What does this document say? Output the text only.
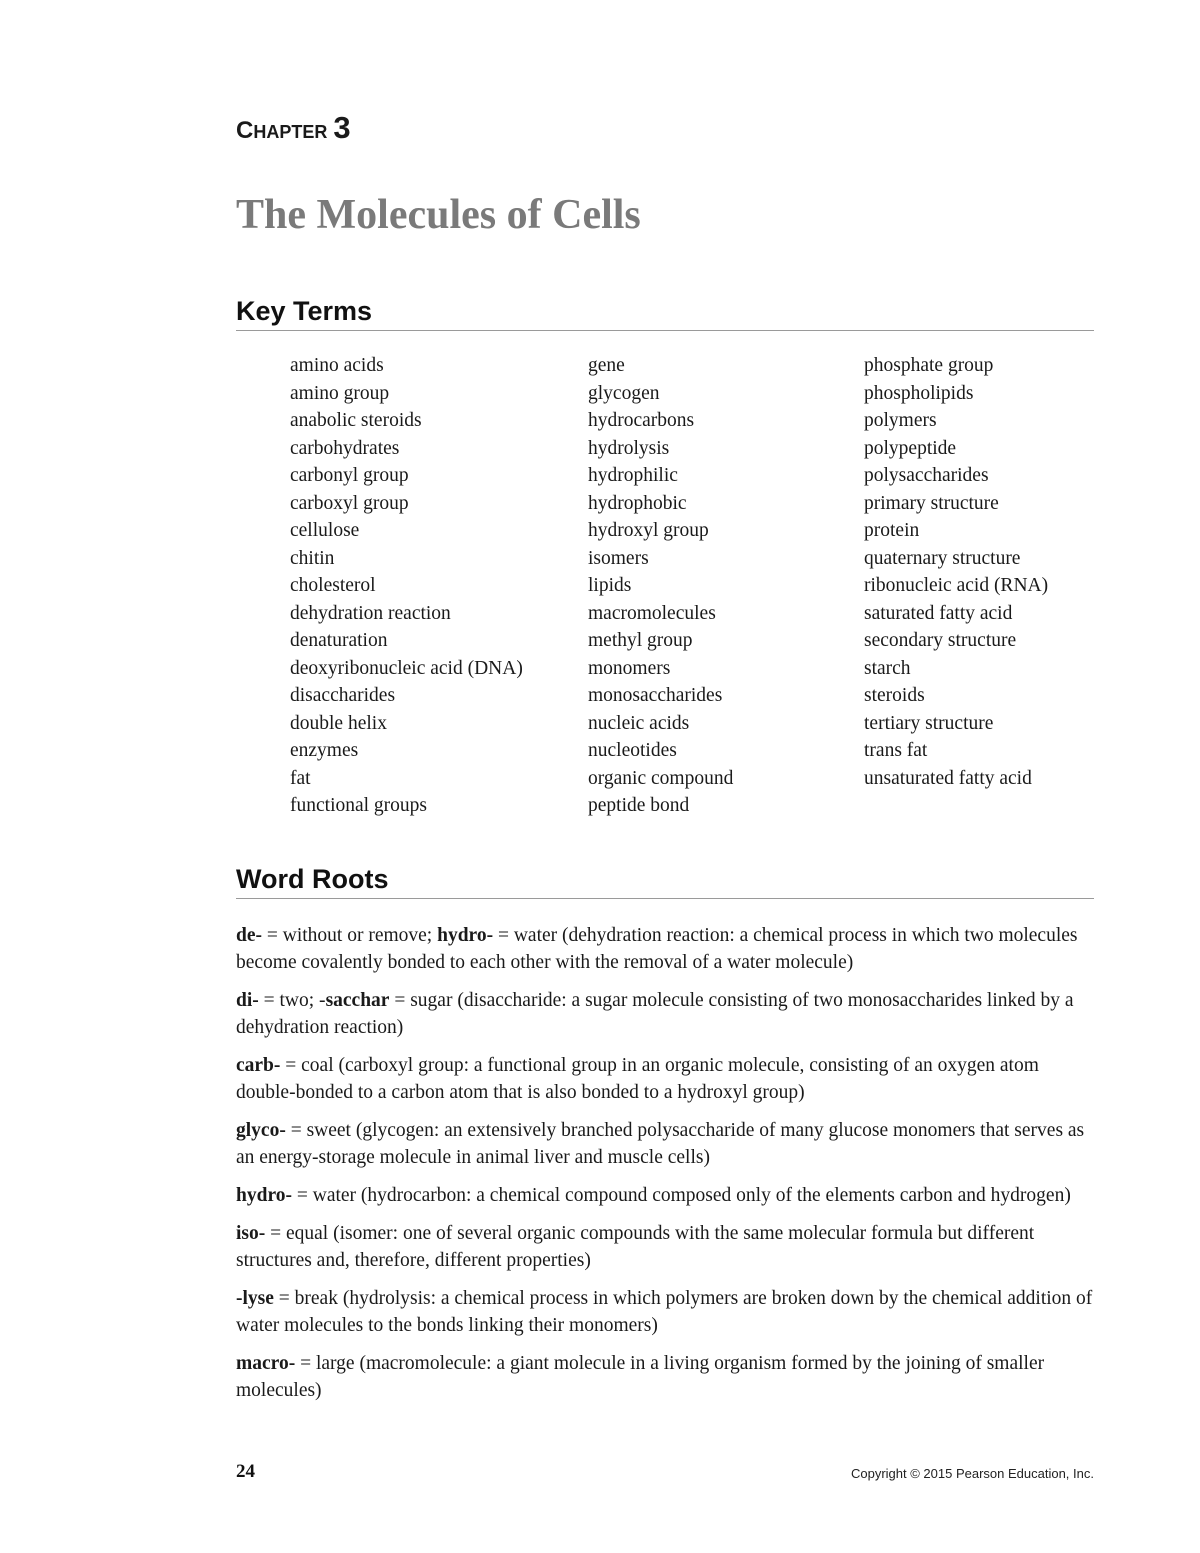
CHAPTER 3
The Molecules of Cells
Key Terms
amino acids
amino group
anabolic steroids
carbohydrates
carbonyl group
carboxyl group
cellulose
chitin
cholesterol
dehydration reaction
denaturation
deoxyribonucleic acid (DNA)
disaccharides
double helix
enzymes
fat
functional groups
gene
glycogen
hydrocarbons
hydrolysis
hydrophilic
hydrophobic
hydroxyl group
isomers
lipids
macromolecules
methyl group
monomers
monosaccharides
nucleic acids
nucleotides
organic compound
peptide bond
phosphate group
phospholipids
polymers
polypeptide
polysaccharides
primary structure
protein
quaternary structure
ribonucleic acid (RNA)
saturated fatty acid
secondary structure
starch
steroids
tertiary structure
trans fat
unsaturated fatty acid
Word Roots
de- = without or remove; hydro- = water (dehydration reaction: a chemical process in which two molecules become covalently bonded to each other with the removal of a water molecule)
di- = two; -sacchar = sugar (disaccharide: a sugar molecule consisting of two monosaccharides linked by a dehydration reaction)
carb- = coal (carboxyl group: a functional group in an organic molecule, consisting of an oxygen atom double-bonded to a carbon atom that is also bonded to a hydroxyl group)
glyco- = sweet (glycogen: an extensively branched polysaccharide of many glucose monomers that serves as an energy-storage molecule in animal liver and muscle cells)
hydro- = water (hydrocarbon: a chemical compound composed only of the elements carbon and hydrogen)
iso- = equal (isomer: one of several organic compounds with the same molecular formula but different structures and, therefore, different properties)
-lyse = break (hydrolysis: a chemical process in which polymers are broken down by the chemical addition of water molecules to the bonds linking their monomers)
macro- = large (macromolecule: a giant molecule in a living organism formed by the joining of smaller molecules)
24	Copyright © 2015 Pearson Education, Inc.
